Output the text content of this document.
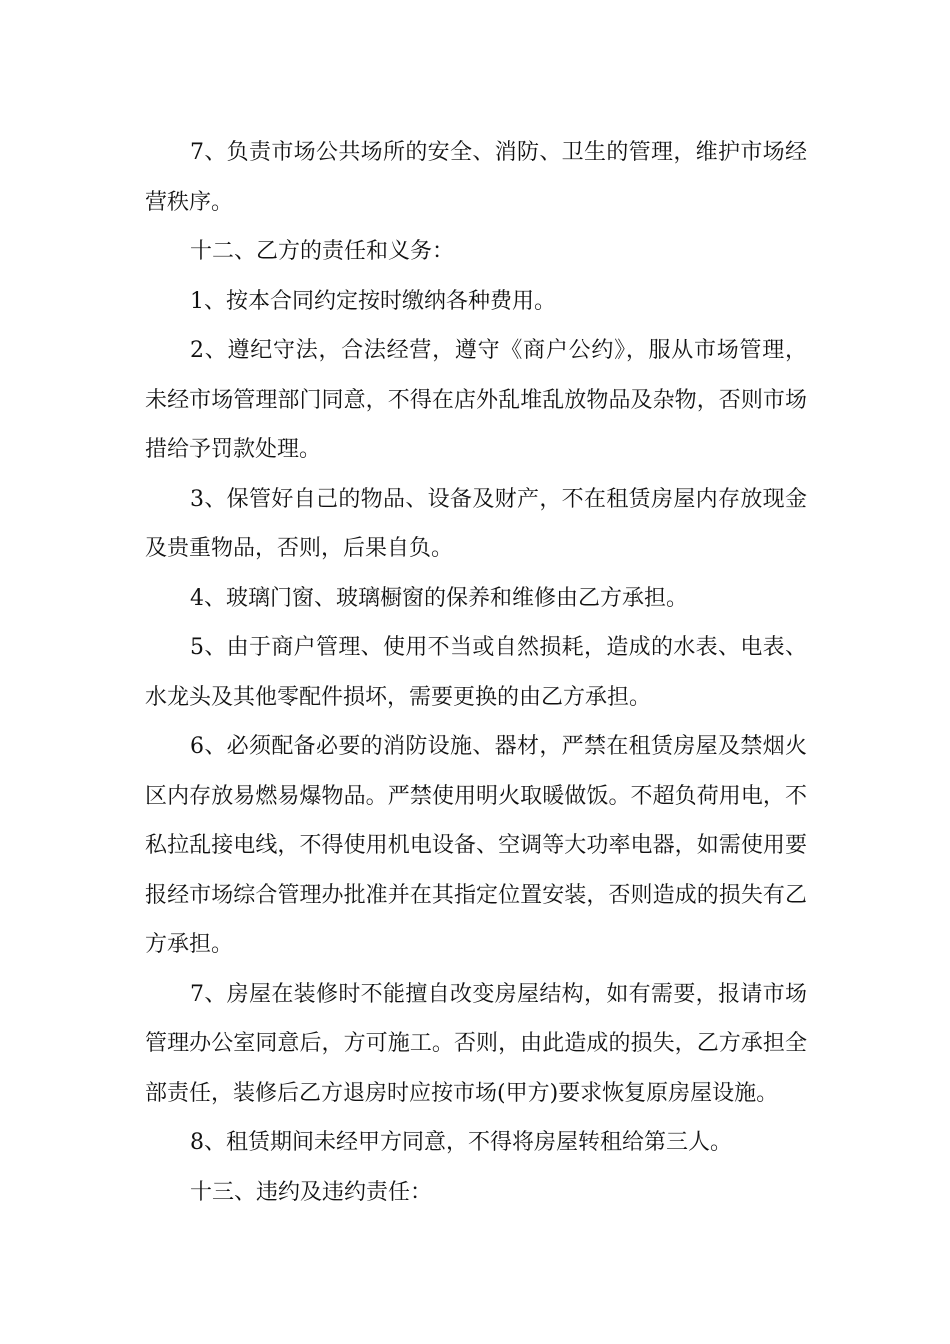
7、负责市场公共场所的安全、消防、卫生的管理，维护市场经营秩序。

十二、乙方的责任和义务：

1、按本合同约定按时缴纳各种费用。

2、遵纪守法，合法经营，遵守《商户公约》，服从市场管理，未经市场管理部门同意，不得在店外乱堆乱放物品及杂物，否则市场措给予罚款处理。

3、保管好自己的物品、设备及财产，不在租赁房屋内存放现金及贵重物品，否则，后果自负。

4、玻璃门窗、玻璃橱窗的保养和维修由乙方承担。

5、由于商户管理、使用不当或自然损耗，造成的水表、电表、水龙头及其他零配件损坏，需要更换的由乙方承担。

6、必须配备必要的消防设施、器材，严禁在租赁房屋及禁烟火区内存放易燃易爆物品。严禁使用明火取暖做饭。不超负荷用电，不私拉乱接电线，不得使用机电设备、空调等大功率电器，如需使用要报经市场综合管理办批准并在其指定位置安装，否则造成的损失有乙方承担。

7、房屋在装修时不能擅自改变房屋结构，如有需要，报请市场管理办公室同意后，方可施工。否则，由此造成的损失，乙方承担全部责任，装修后乙方退房时应按市场(甲方)要求恢复原房屋设施。

8、租赁期间未经甲方同意，不得将房屋转租给第三人。

十三、违约及违约责任：
